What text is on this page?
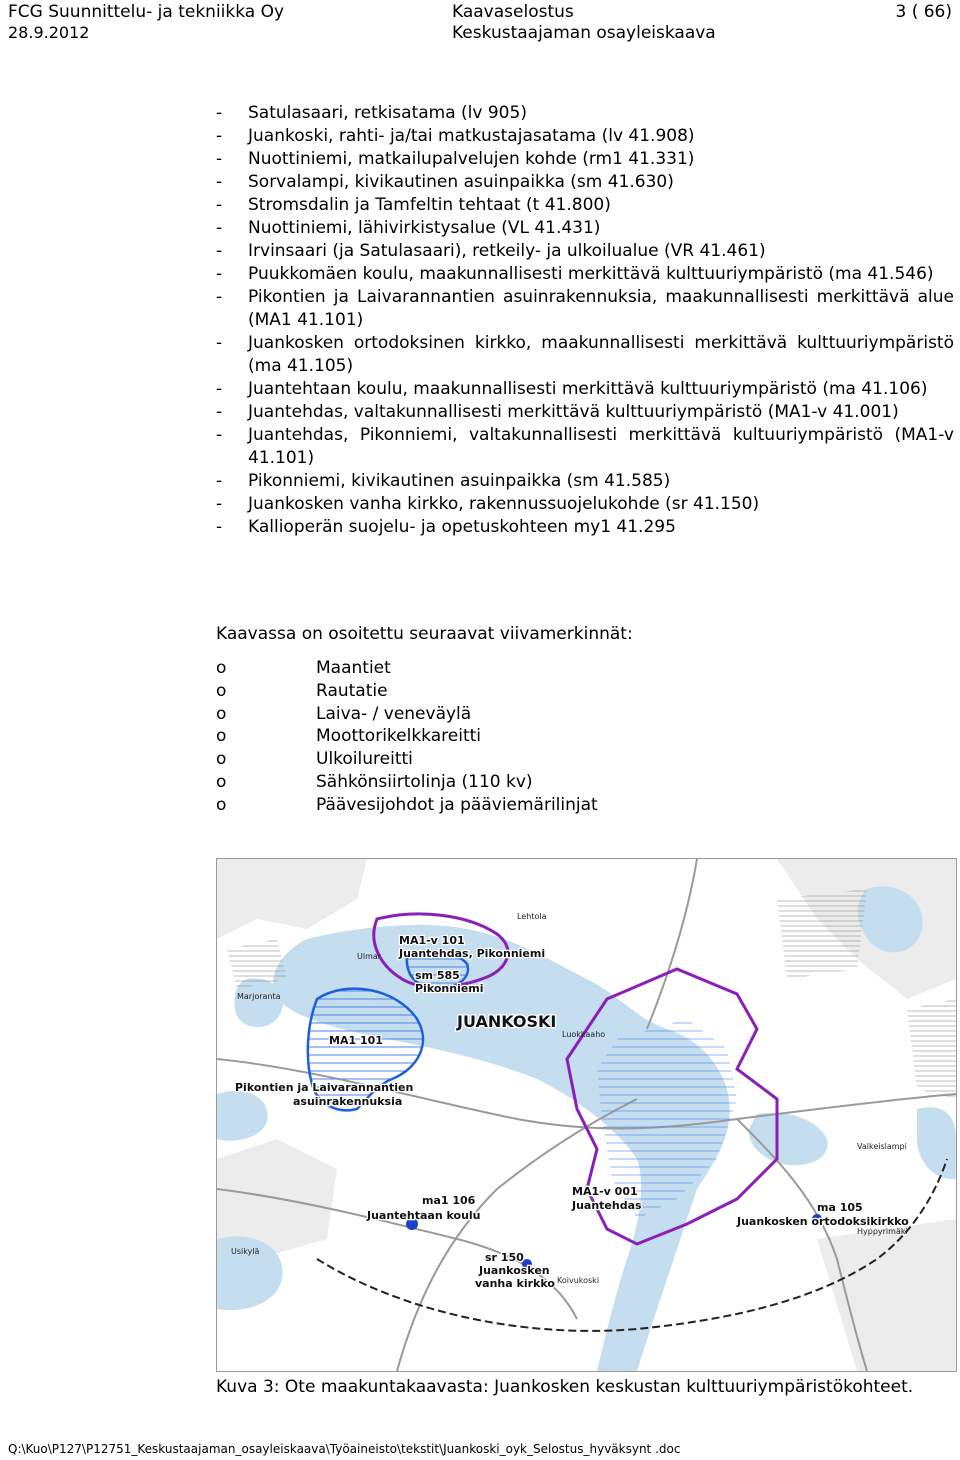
FCG Suunnittelu- ja tekniikka Oy
28.9.2012
Kaavaselostus
Keskustaajaman osayleiskaava
3 ( 66)
- Satulasaari, retkisatama (lv 905)
- Juankoski, rahti- ja/tai matkustajasatama (lv 41.908)
- Nuottiniemi, matkailupalvelujen kohde (rm1 41.331)
- Sorvalampi, kivikautinen asuinpaikka (sm 41.630)
- Stromsdalin ja Tamfeltin tehtaat (t 41.800)
- Nuottiniemi, lähivirkistysalue (VL 41.431)
- Irvinsaari (ja Satulasaari), retkeily- ja ulkoilualue (VR 41.461)
- Puukkomäen koulu, maakunnallisesti merkittävä kulttuuriympäristö (ma 41.546)
- Pikontien ja Laivarannantien asuinrakennuksia, maakunnallisesti merkittävä alue (MA1 41.101)
- Juankosken ortodoksinen kirkko, maakunnallisesti merkittävä kulttuuriympäristö (ma 41.105)
- Juantehtaan koulu, maakunnallisesti merkittävä kulttuuriympäristö (ma 41.106)
- Juantehdas, valtakunnallisesti merkittävä kulttuuriympäristö (MA1-v 41.001)
- Juantehdas, Pikonniemi, valtakunnallisesti merkittävä kultuuriympäristö (MA1-v 41.101)
- Pikonniemi, kivikautinen asuinpaikka (sm 41.585)
- Juankosken vanha kirkko, rakennussuojelukohde (sr 41.150)
- Kallioperän suojelu- ja opetuskohteen my1 41.295
Kaavassa on osoitettu seuraavat viivamerkinnät:
o	Maantiet
o	Rautatie
o	Laiva- / veneväylä
o	Moottorikelkkareitti
o	Ulkoilureitti
o	Sähkönsiirtolinja (110 kv)
o	Päävesijohdot ja pääviemärilinjat
MA1-v 101
Juantehdas, Pikonniemi
sm 585
Pikonniemi
JUANKOSKI
MA1 101
Pikontien ja Laivarannantien
asuinrakennuksia
MA1-v 001
Juantehdas
ma1 106
Juantehtaan koulu
sr 150
Juankosken
vanha kirkko
ma 105
Juankosken ortodoksikirkko
Marjoranta
Luokkaaho
Valkeislampi
Hyppyrimäki
Koivukoski
Usikylä
Ulmar
Lehtola
Kuva 3: Ote maakuntakaavasta: Juankosken keskustan kulttuuriympäristökohteet.
Q:\Kuo\P127\P12751_Keskustaajaman_osayleiskaava\Työaineisto\tekstit\Juankoski_oyk_Selostus_hyväksynt .doc
